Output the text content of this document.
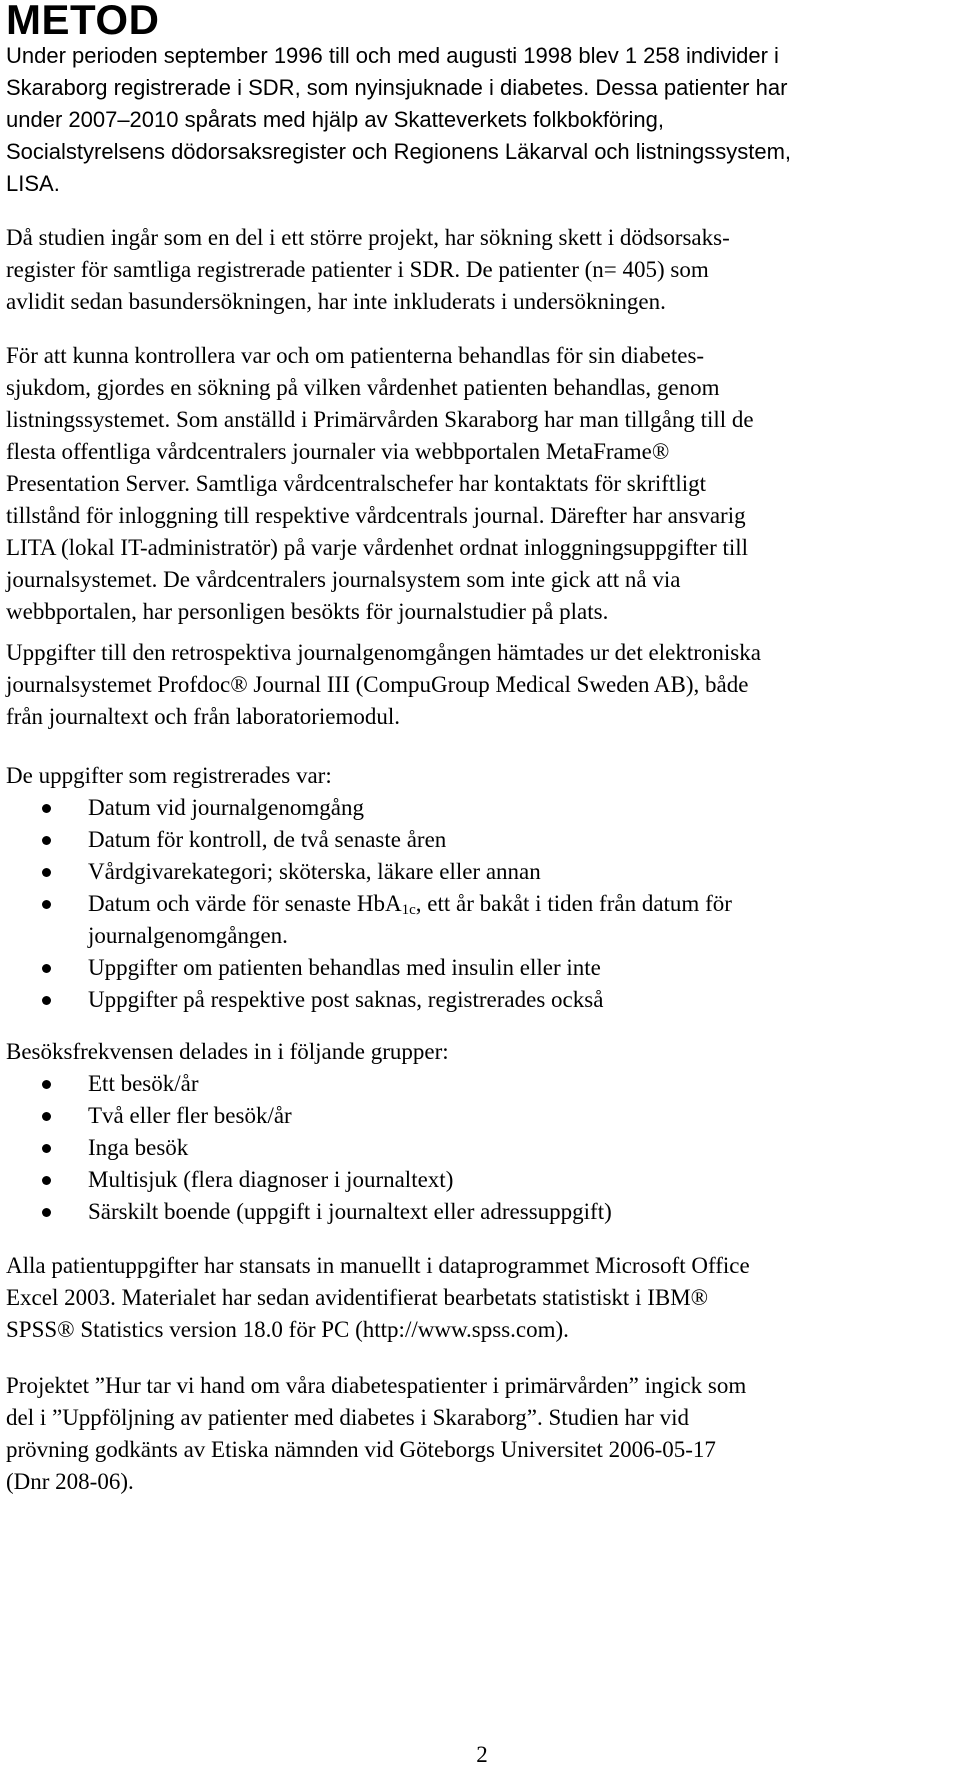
METOD

Under perioden september 1996 till och med augusti 1998 blev 1 258 individer i
Skaraborg registrerade i SDR, som nyinsjuknade i diabetes. Dessa patienter har
under 2007–2010 spårats med hjälp av Skatteverkets folkbokföring,
Socialstyrelsens dödorsaksregister och Regionens Läkarval och listningssystem,
LISA.

Då studien ingår som en del i ett större projekt, har sökning skett i dödsorsaks-
register för samtliga registrerade patienter i SDR. De patienter (n= 405) som
avlidit sedan basundersökningen, har inte inkluderats i undersökningen.

För att kunna kontrollera var och om patienterna behandlas för sin diabetes-
sjukdom, gjordes en sökning på vilken vårdenhet patienten behandlas, genom
listningssystemet. Som anställd i Primärvården Skaraborg har man tillgång till de
flesta offentliga vårdcentralers journaler via webbportalen MetaFrame®
Presentation Server. Samtliga vårdcentralschefer har kontaktats för skriftligt
tillstånd för inloggning till respektive vårdcentrals journal. Därefter har ansvarig
LITA (lokal IT-administratör) på varje vårdenhet ordnat inloggningsuppgifter till
journalsystemet. De vårdcentralers journalsystem som inte gick att nå via
webbportalen, har personligen besökts för journalstudier på plats.

Uppgifter till den retrospektiva journalgenomgången hämtades ur det elektroniska
journalsystemet Profdoc® Journal III (CompuGroup Medical Sweden AB), både
från journaltext och från laboratoriemodul.

De uppgifter som registrerades var:

Datum vid journalgenomgång
Datum för kontroll, de två senaste åren
Vårdgivarekategori; sköterska, läkare eller annan
Datum och värde för senaste HbA$_{1c}$, ett år bakåt i tiden från datum för
journalgenomgången.
Uppgifter om patienten behandlas med insulin eller inte
Uppgifter på respektive post saknas, registrerades också

Besöksfrekvensen delades in i följande grupper:

Ett besök/år
Två eller fler besök/år
Inga besök
Multisjuk (flera diagnoser i journaltext)
Särskilt boende (uppgift i journaltext eller adressuppgift)

Alla patientuppgifter har stansats in manuellt i dataprogrammet Microsoft Office
Excel 2003. Materialet har sedan avidentifierat bearbetats statistiskt i IBM®
SPSS® Statistics version 18.0 för PC (http://www.spss.com).

Projektet ”Hur tar vi hand om våra diabetespatienter i primärvården” ingick som
del i ”Uppföljning av patienter med diabetes i Skaraborg”. Studien har vid
prövning godkänts av Etiska nämnden vid Göteborgs Universitet 2006-05-17
(Dnr 208-06).

2
